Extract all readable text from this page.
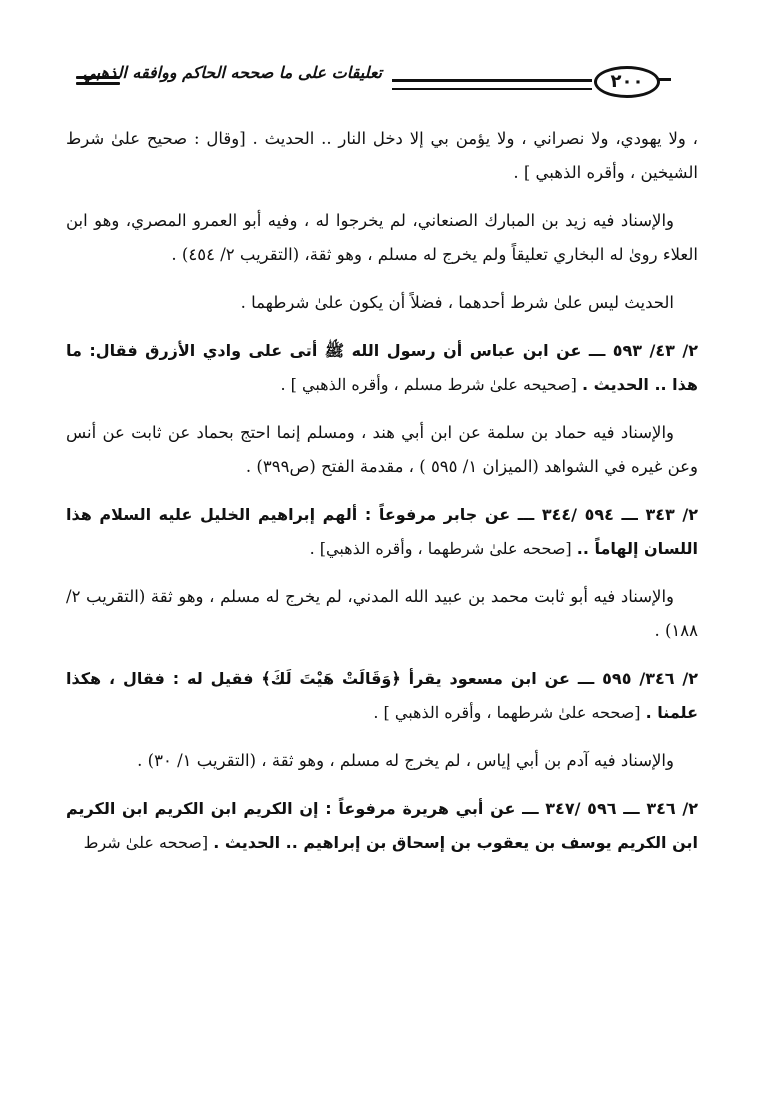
تعليقات على ما صححه الحاكم ووافقه الذهبي	٢٠٠

، ولا يهودي، ولا نصراني ، ولا يؤمن بي إلا دخل النار .. الحديث . [وقال : صحيح علىٰ شرط الشيخين ، وأقره الذهبي ] .

والإسناد فيه زيد بن المبارك الصنعاني، لم يخرجوا له ، وفيه أبو العمرو المصري، وهو ابن العلاء روىٰ له البخاري تعليقاً ولم يخرج له مسلم ، وهو ثقة، (التقريب ٢/ ٤٥٤) .

الحديث ليس علىٰ شرط أحدهما ، فضلاً أن يكون علىٰ شرطهما .

٢/ ٤٣/ ٥٩٣ ـــ عن ابن عباس أن رسول الله ﷺ أتى على وادي الأزرق فقال: ما هذا .. الحديث . [صحيحه علىٰ شرط مسلم ، وأقره الذهبي ] .

والإسناد فيه حماد بن سلمة عن ابن أبي هند ، ومسلم إنما احتج بحماد عن ثابت عن أنس وعن غيره في الشواهد (الميزان ١/ ٥٩٥ ) ، مقدمة الفتح (ص٣٩٩) .

٢/ ٣٤٣ ـــ ٥٩٤ /٣٤٤ ـــ عن جابر مرفوعاً : ألهم إبراهيم الخليل عليه السلام هذا اللسان إلهاماً .. [صححه علىٰ شرطهما ، وأقره الذهبي] .

والإسناد فيه أبو ثابت محمد بن عبيد الله المدني، لم يخرج له مسلم ، وهو ثقة (التقريب ٢/ ١٨٨) .

٢/ ٣٤٦/ ٥٩٥ ـــ عن ابن مسعود يقرأ ﴿وَقَالَتْ هَيْتَ لَكَ﴾ فقيل له : فقال ، هكذا علمنا . [صححه علىٰ شرطهما ، وأقره الذهبي ] .

والإسناد فيه آدم بن أبي إياس ، لم يخرج له مسلم ، وهو ثقة ، (التقريب ١/ ٣٠) .

٢/ ٣٤٦ ـــ ٥٩٦ /٣٤٧ ـــ عن أبي هريرة مرفوعاً : إن الكريم ابن الكريم ابن الكريم ابن الكريم يوسف بن يعقوب بن إسحاق بن إبراهيم .. الحديث . [صححه علىٰ شرط
